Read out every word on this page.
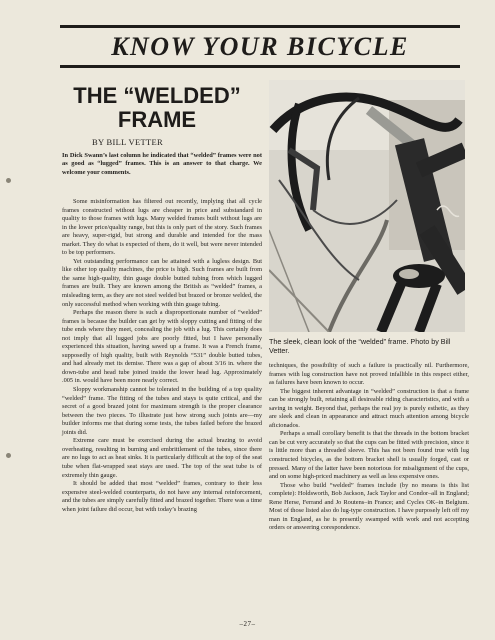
KNOW YOUR BICYCLE
THE “WELDED”
FRAME

BY BILL VETTER

In Dick Swann’s last column he indicated that “welded” frames were not as good as “lugged” frames. This is an answer to that charge. We welcome your comments.

Some misinformation has filtered out recently, implying that all cycle frames constructed without lugs are cheaper in price and substandard in quality to those frames with lugs. Many welded frames built without lugs are in the lower price/quality range, but this is only part of the story. Such frames are heavy, super-rigid, but strong and durable and intended for the mass market. They do what is expected of them, do it well, but were never intended to be top performers.

Yet outstanding performance can be attained with a lugless design. But like other top quality machines, the price is high. Such frames are built from the same high-quality, thin guage double butted tubing from which lugged frames are built. They are known among the British as “welded” frames, a misleading term, as they are not steel welded but brazed or bronze welded, the only successful method when working with thin guage tubing.

Perhaps the reason there is such a disproportionate number of “welded” frames is because the builder can get by with sloppy cutting and fitting of the tube ends where they meet, concealing the job with a lug. This certainly does not imply that all lugged jobs are poorly fitted, but I have personally experienced this situation, having sawed up a frame. It was a French frame, supposedly of high quality, built with Reynolds “531” double butted tubes, and had already met its demise. There was a gap of about 3/16 in. where the down-tube and head tube joined inside the lower head lug. Approximately .005 in. would have been more nearly correct.

Sloppy workmanship cannot be tolerated in the building of a top quality “welded” frame. The fitting of the tubes and stays is quite critical, and the secret of a good brazed joint for maximum strength is the proper clearance between the two pieces. To illustrate just how strong such joints are—my builder informs me that during some tests, the tubes failed before the brazed joints did.

Extreme care must be exercised during the actual brazing to avoid overheating, resulting in burning and embrittlement of the tubes, since there are no lugs to act as heat sinks. It is particularly difficult at the top of the seat tube when flat-wrapped seat stays are used. The top of the seat tube is of extremely thin gauge.

It should be added that most “welded” frames, contrary to their less expensive steel-welded counterparts, do not have any internal reinforcement, and the tubes are simply carefully fitted and brazed together. There was a time when joint failure did occur, but with today’s brazing

The sleek, clean look of the “welded” frame. Photo by Bill Vetter.

techniques, the possibility of such a failure is practically nil. Furthermore, frames with lug construction have not proved infallible in this respect either, as failures have been known to occur.

The biggest inherent advantage in “welded” construction is that a frame can be strongly built, retaining all desireable riding characteristics, and with a saving in weight. Beyond that, perhaps the real joy is purely esthetic, as they are sleek and clean in appearance and attract much attention among bicycle aficionados.

Perhaps a small corollary benefit is that the threads in the bottom bracket can be cut very accurately so that the cups can be fitted with precision, since it is little more than a threaded sleeve. This has not been found true with lug constructed bicycles, as the bottom bracket shell is usually forged, cast or pressed. Many of the latter have been notorious for misalignment of the cups, and on some high-priced machinery as well as less expensive ones.

Those who build “welded” frames include (by no means is this list complete): Holdsworth, Bob Jackson, Jack Taylor and Condor–all in England; Rene Herse, Ferrand and Jo Routens–in France; and Cycles OK–in Belgium. Most of those listed also do lug-type construction. I have purposely left off my man in England, as he is presently swamped with work and not accepting orders or answering corespondence.

–27–
